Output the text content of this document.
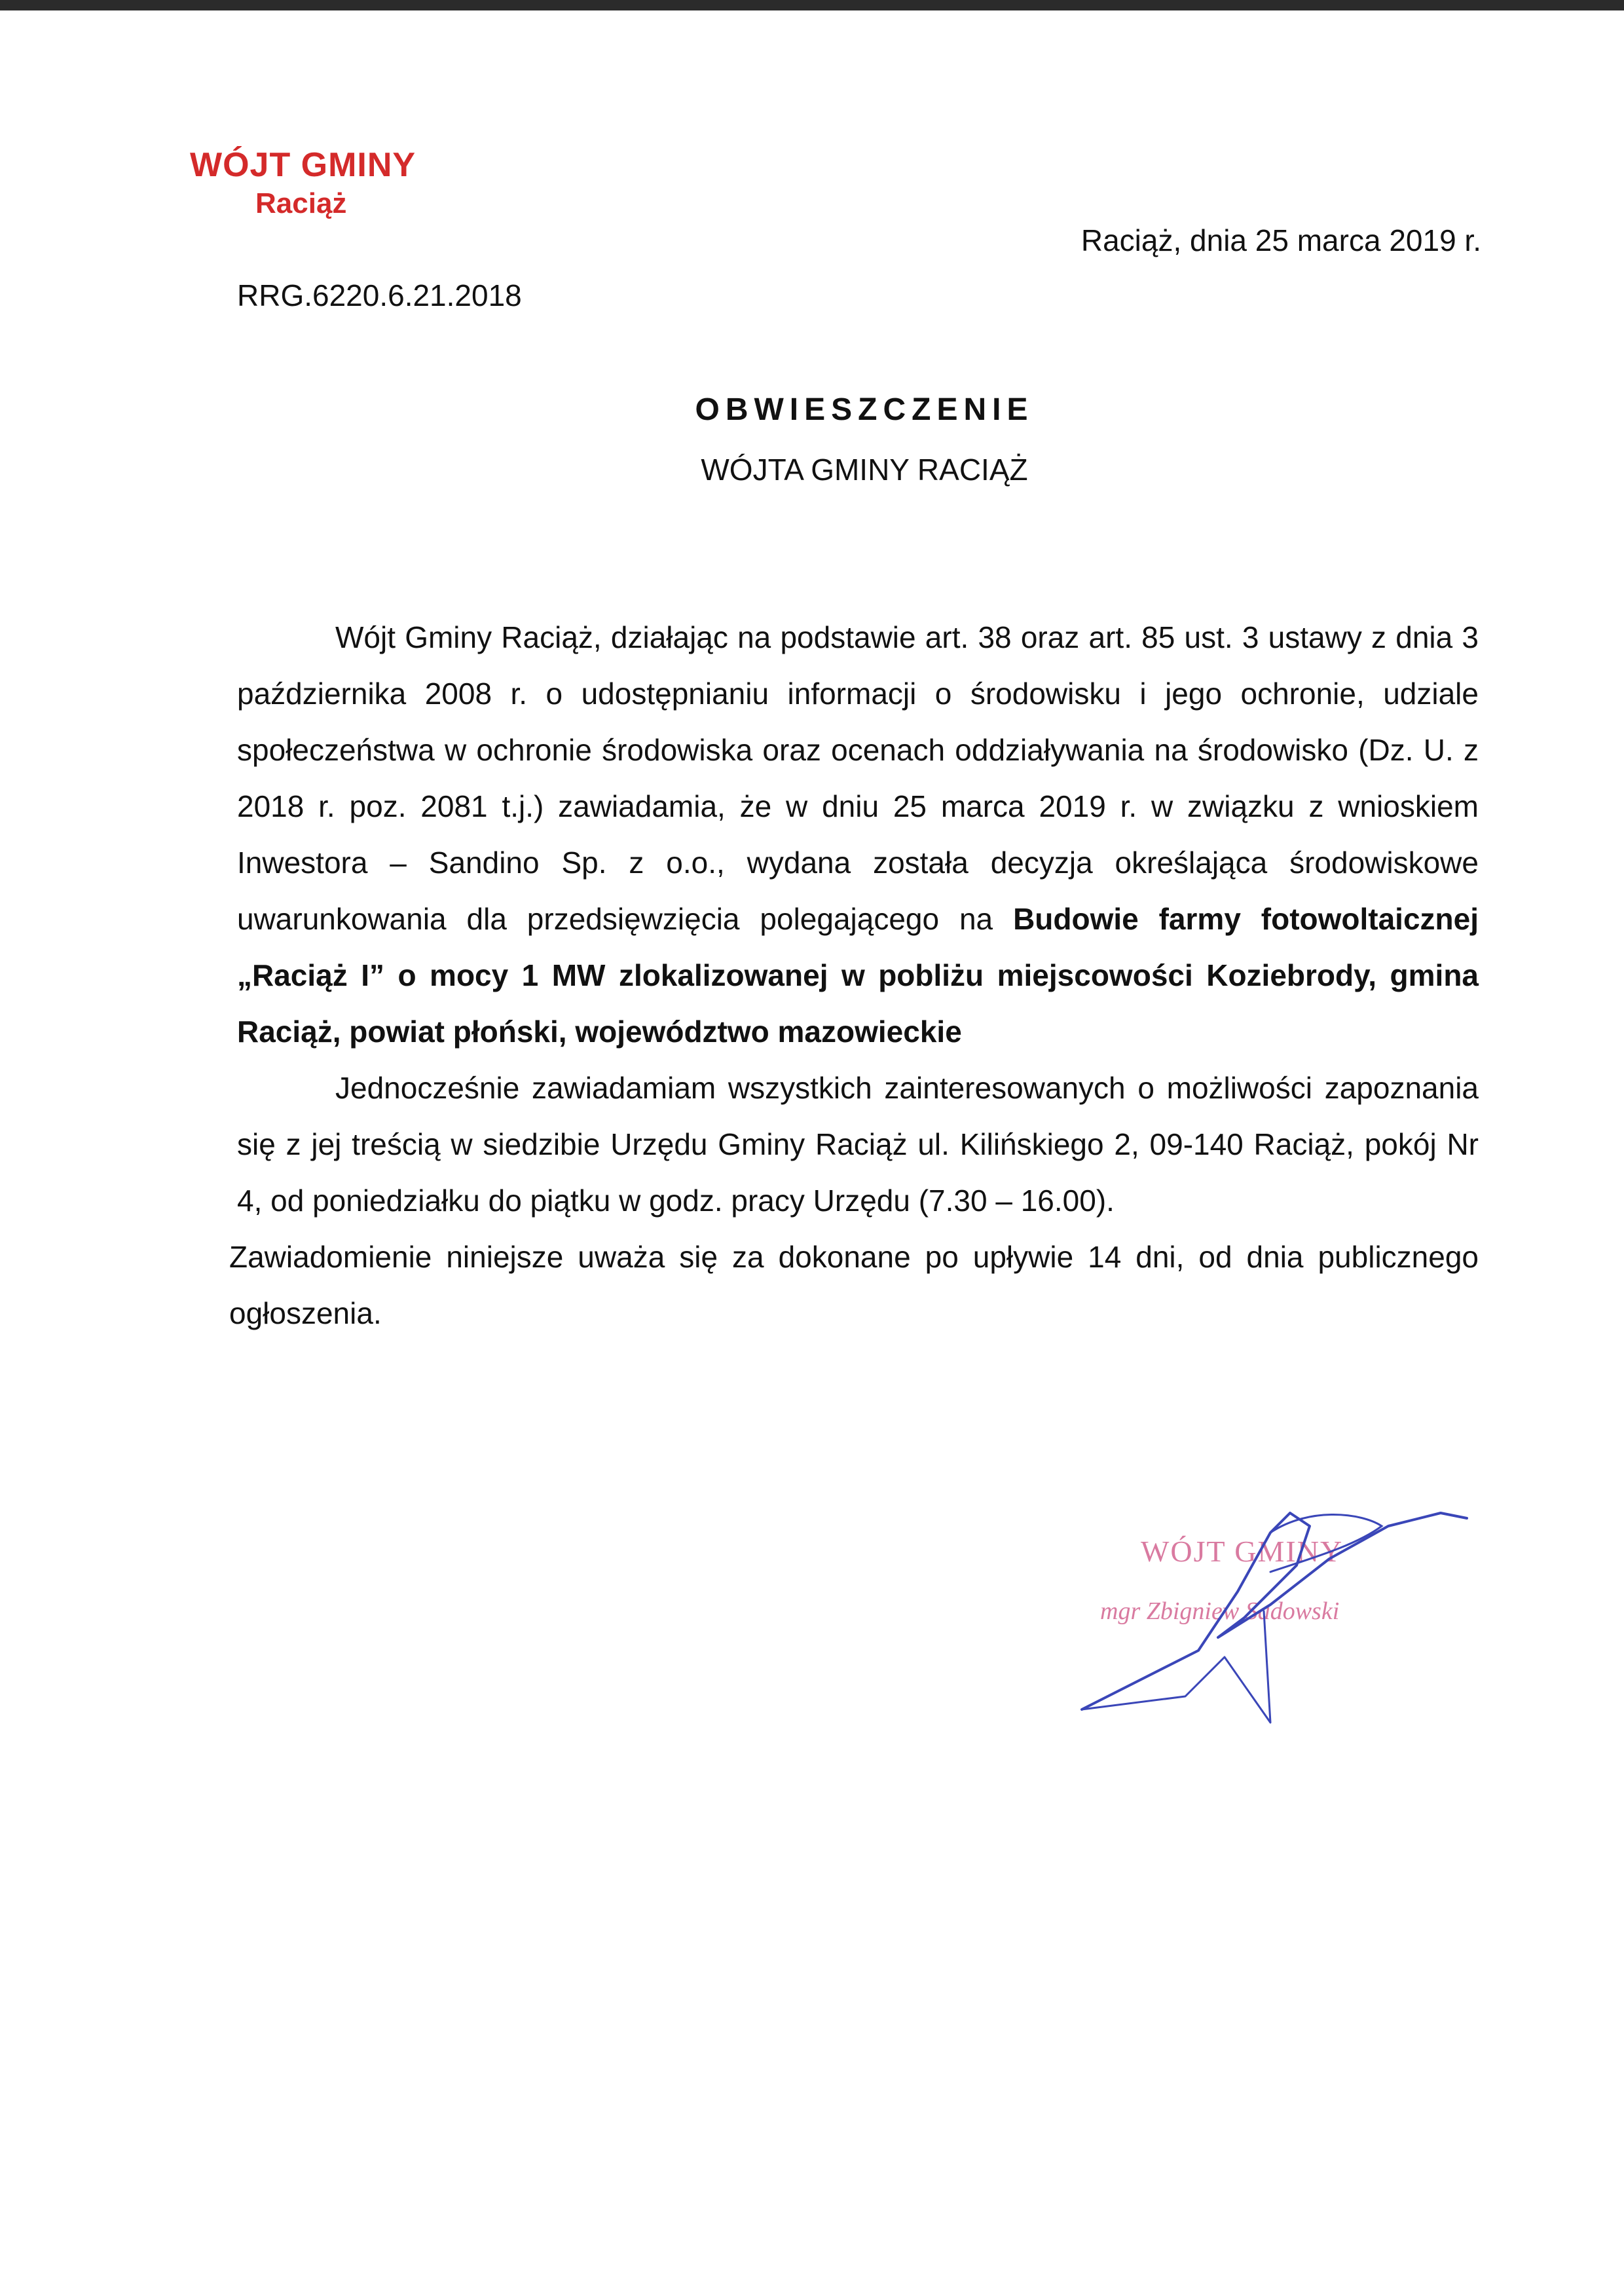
WÓJT GMINY
Raciąż
RRG.6220.6.21.2018
Raciąż, dnia 25 marca 2019 r.
OBWIESZCZENIE
WÓJTA GMINY RACIĄŻ

Wójt Gminy Raciąż, działając na podstawie art. 38 oraz art. 85 ust. 3 ustawy z dnia 3 października 2008 r. o udostępnianiu informacji o środowisku i jego ochronie, udziale społeczeństwa w ochronie środowiska oraz ocenach oddziaływania na środowisko (Dz. U. z 2018 r. poz. 2081 t.j.) zawiadamia, że w dniu 25 marca 2019 r. w związku z wnioskiem Inwestora – Sandino Sp. z o.o., wydana została decyzja określająca środowiskowe uwarunkowania dla przedsięwzięcia polegającego na Budowie farmy fotowoltaicznej „Raciąż I” o mocy 1 MW zlokalizowanej w pobliżu miejscowości Koziebrody, gmina Raciąż, powiat płoński, województwo mazowieckie

Jednocześnie zawiadamiam wszystkich zainteresowanych o możliwości zapoznania się z jej treścią w siedzibie Urzędu Gminy Raciąż ul. Kilińskiego 2, 09-140 Raciąż, pokój Nr 4, od poniedziałku do piątku w godz. pracy Urzędu (7.30 – 16.00).

Zawiadomienie niniejsze uważa się za dokonane po upływie 14 dni, od dnia publicznego ogłoszenia.

WÓJT GMINY
mgr Zbigniew Sadowski
